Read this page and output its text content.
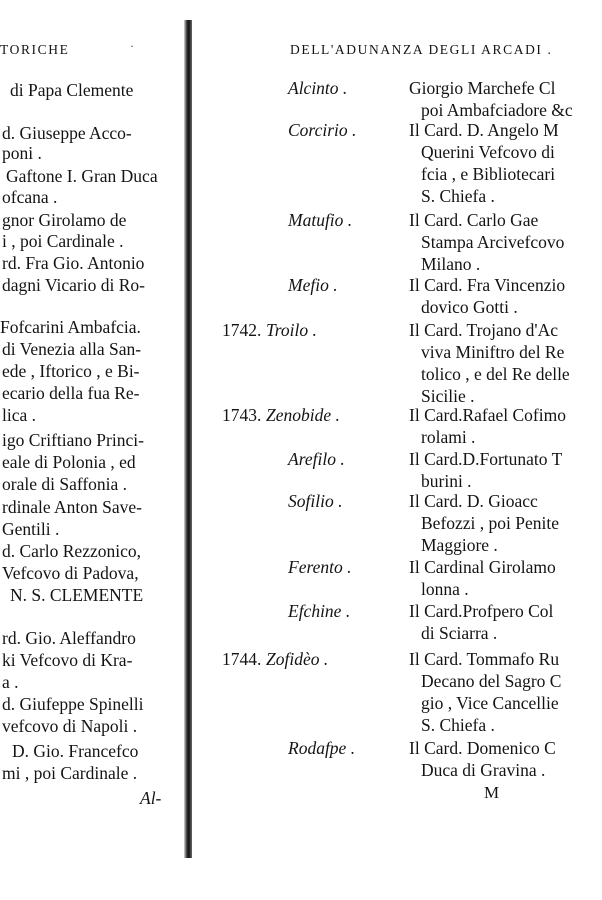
TORICHE	·
di Papa Clemente
d. Giuseppe Acco-
poni .
Gaftone I. Gran Duca
ofcana .
gnor Girolamo de
i , poi Cardinale .
rd. Fra Gio. Antonio
dagni Vicario di Ro-
Fofcarini Ambafcia.
di Venezia alla San-
ede , Iftorico , e Bi-
ecario della fua Re-
lica .
igo Criftiano Princi-
eale di Polonia , ed
orale di Saffonia .
rdinale Anton Save-
Gentili .
d. Carlo Rezzonico,
Vefcovo di Padova,
N. S. CLEMENTE
rd. Gio. Aleffandro
ki Vefcovo di Kra-
a .
d. Giufeppe Spinelli
vefcovo di Napoli .
D. Gio. Francefco
mi , poi Cardinale .
Al-
DELL'ADUNANZA DEGLI ARCADI .
Alcinto .	Giorgio Marchefe Cl
poi Ambafciadore &c
Corcirio .	Il Card. D. Angelo M
Querini Vefcovo di
fcia , e Bibliotecari
S. Chiefa .
Matufio .	Il Card. Carlo Gae
Stampa Arcivefcovo
Milano .
Mefio .	Il Card. Fra Vincenzio
dovico Gotti .
1742. Troilo .	Il Card. Trojano d'Ac
viva Miniftro del Re
tolico , e del Re delle
Sicilie .
1743. Zenobide .	Il Card.Rafael Cofimo
rolami .
Arefilo .	Il Card.D.Fortunato T
burini .
Sofilio .	Il Card. D. Gioacc
Befozzi , poi Penite
Maggiore .
Ferento .	Il Cardinal Girolamo
lonna .
Efchine .	Il Card.Profpero Col
di Sciarra .
1744. Zofidèo .	Il Card. Tommafo Ru
Decano del Sagro C
gio , Vice Cancellie
S. Chiefa .
Rodafpe .	Il Card. Domenico C
Duca di Gravina .
M
